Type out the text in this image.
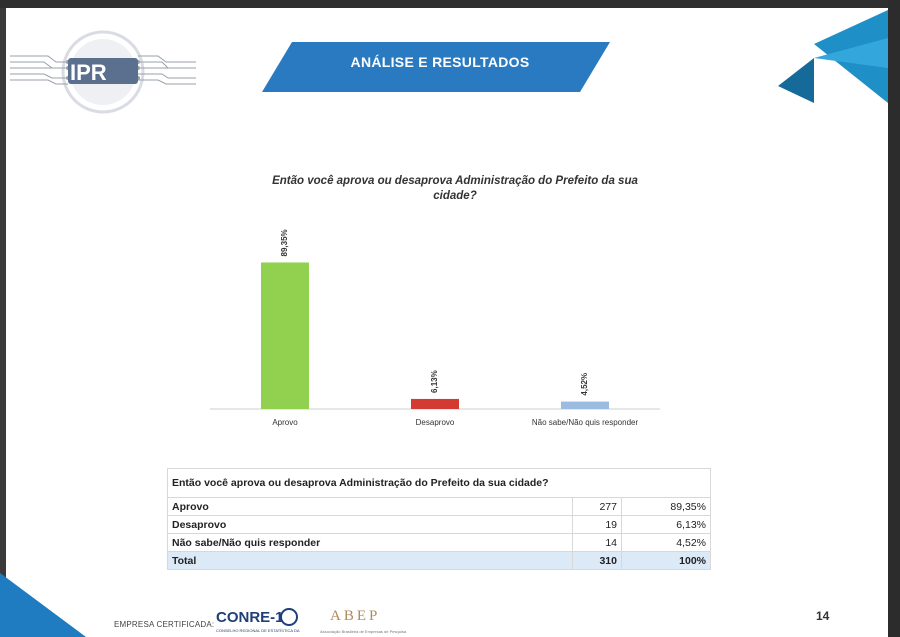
IPR	ANÁLISE E RESULTADOS
Então você aprova ou desaprova Administração do Prefeito da sua cidade?
89,35%
Aprovo
6,13%
Desaprovo
4,52%
Não sabe/Não quis responder
Então você aprova ou desaprova Administração do Prefeito da sua cidade?		
Aprovo	277	89,35%
Desaprovo	19	6,13%
Não sabe/Não quis responder	14	4,52%
Total	310	100%
EMPRESA CERTIFICADA: CONRE-1
CONSELHO REGIONAL DE ESTATÍSTICA DA
ABEP
Associação Brasileira de Empresas de Pesquisa
14
